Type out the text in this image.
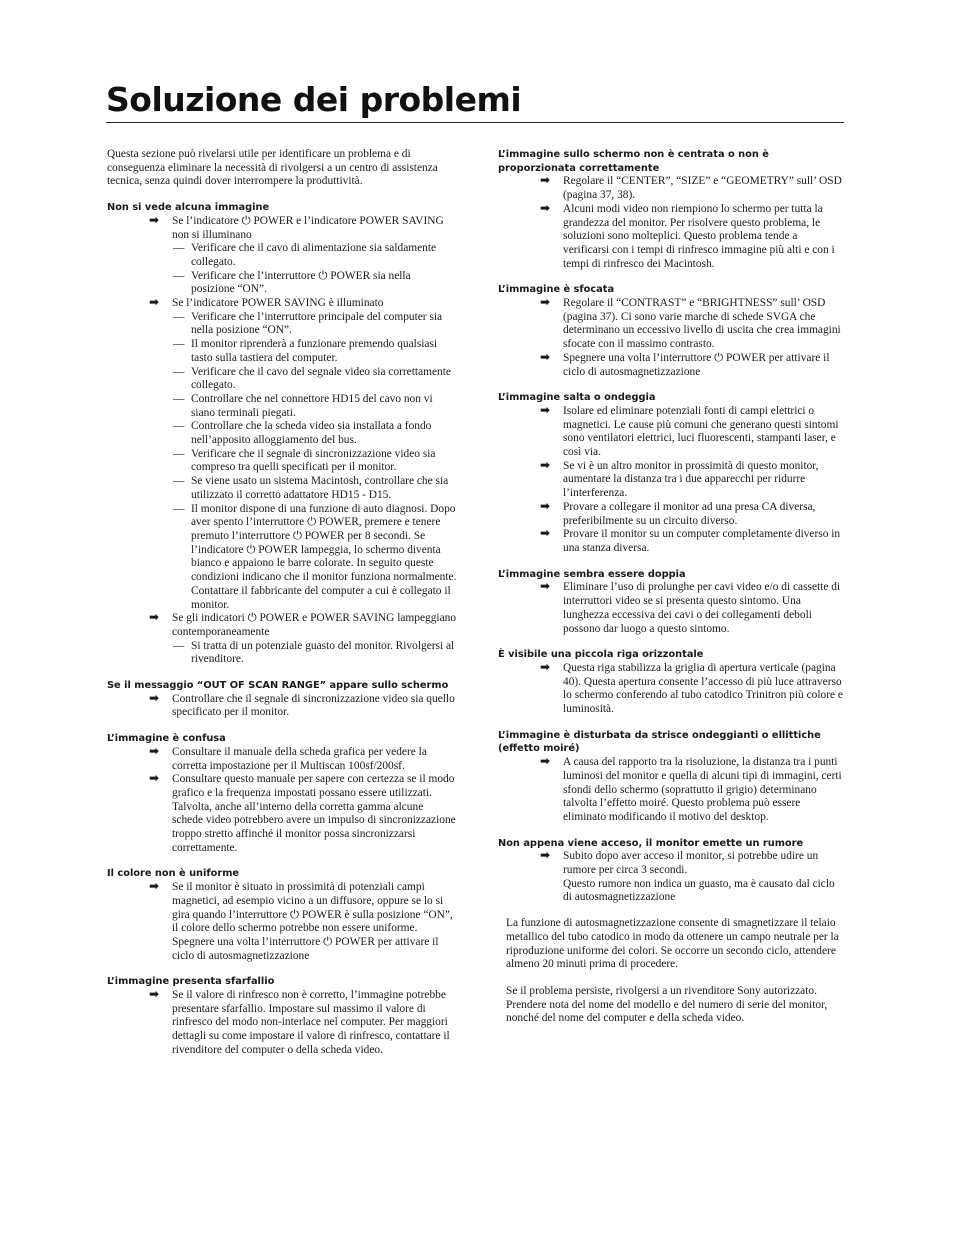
Soluzione dei problemi

Questa sezione può rivelarsi utile per identificare un problema e di conseguenza eliminare la necessità di rivolgersi a un centro di assistenza tecnica, senza quindi dover interrompere la produttività.

Non si vede alcuna immagine

➡ Se l’indicatore ⏻ POWER e l’indicatore POWER SAVING non si illuminano

— Verificare che il cavo di alimentazione sia saldamente collegato.
— Verificare che l’interruttore ⏻ POWER sia nella posizione “ON”.

➡ Se l’indicatore POWER SAVING è illuminato

— Verificare che l’interruttore principale del computer sia nella posizione “ON”.
— Il monitor riprenderà a funzionare premendo qualsiasi tasto sulla tastiera del computer.
— Verificare che il cavo del segnale video sia correttamente collegato.
— Controllare che nel connettore HD15 del cavo non vi siano terminali piegati.
— Controllare che la scheda video sia installata a fondo nell’apposito alloggiamento del bus.
— Verificare che il segnale di sincronizzazione video sia compreso tra quelli specificati per il monitor.
— Se viene usato un sistema Macintosh, controllare che sia utilizzato il corretto adattatore HD15 - D15.
— Il monitor dispone di una funzione di auto diagnosi. Dopo aver spento l’interruttore ⏻ POWER, premere e tenere premuto l’interruttore ⏻ POWER per 8 secondi. Se l’indicatore ⏻ POWER lampeggia, lo schermo diventa bianco e appaiono le barre colorate. In seguito queste condizioni indicano che il monitor funziona normalmente. Contattare il fabbricante del computer a cui è collegato il monitor.

➡ Se gli indicatori ⏻ POWER e POWER SAVING lampeggiano contemporaneamente

— Si tratta di un potenziale guasto del monitor. Rivolgersi al rivenditore.

Se il messaggio “OUT OF SCAN RANGE” appare sullo schermo

➡ Controllare che il segnale di sincronizzazione video sia quello specificato per il monitor.

L’immagine è confusa

➡ Consultare il manuale della scheda grafica per vedere la corretta impostazione per il Multiscan 100sf/200sf.

➡ Consultare questo manuale per sapere con certezza se il modo grafico e la frequenza impostati possano essere utilizzati. Talvolta, anche all’interno della corretta gamma alcune schede video potrebbero avere un impulso di sincronizzazione troppo stretto affinché il monitor possa sincronizzarsi correttamente.

Il colore non è uniforme

➡ Se il monitor è situato in prossimità di potenziali campi magnetici, ad esempio vicino a un diffusore, oppure se lo si gira quando l’interruttore ⏻ POWER è sulla posizione “ON”, il colore dello schermo potrebbe non essere uniforme.

Spegnere una volta l’interruttore ⏻ POWER per attivare il ciclo di autosmagnetizzazione

L’immagine presenta sfarfallio

➡ Se il valore di rinfresco non è corretto, l’immagine potrebbe presentare sfarfallio. Impostare sul massimo il valore di rinfresco del modo non-interlace nel computer. Per maggiori dettagli su come impostare il valore di rinfresco, contattare il rivenditore del computer o della scheda video.

L’immagine sullo schermo non è centrata o non è proporzionata correttamente

➡ Regolare il “CENTER”, “SIZE” e “GEOMETRY” sull’ OSD (pagina 37, 38).

➡ Alcuni modi video non riempiono lo schermo per tutta la grandezza del monitor. Per risolvere questo problema, le soluzioni sono molteplici. Questo problema tende a verificarsi con i tempi di rinfresco immagine più alti e con i tempi di rinfresco dei Macintosh.

L’immagine è sfocata

➡ Regolare il “CONTRAST” e “BRIGHTNESS” sull’ OSD (pagina 37). Ci sono varie marche di schede SVGA che determinano un eccessivo livello di uscita che crea immagini sfocate con il massimo contrasto.

➡ Spegnere una volta l’interruttore ⏻ POWER per attivare il ciclo di autosmagnetizzazione

L’immagine salta o ondeggia

➡ Isolare ed eliminare potenziali fonti di campi elettrici o magnetici. Le cause più comuni che generano questi sintomi sono ventilatori elettrici, luci fluorescenti, stampanti laser, e così via.

➡ Se vi è un altro monitor in prossimità di questo monitor, aumentare la distanza tra i due apparecchi per ridurre l’interferenza.

➡ Provare a collegare il monitor ad una presa CA diversa, preferibilmente su un circuito diverso.

➡ Provare il monitor su un computer completamente diverso in una stanza diversa.

L’immagine sembra essere doppia

➡ Eliminare l’uso di prolunghe per cavi video e/o di cassette di interruttori video se si presenta questo sintomo. Una lunghezza eccessiva dei cavi o dei collegamenti deboli possono dar luogo a questo sintomo.

È visibile una piccola riga orizzontale

➡ Questa riga stabilizza la griglia di apertura verticale (pagina 40). Questa apertura consente l’accesso di più luce attraverso lo schermo conferendo al tubo catodico Trinitron più colore e luminosità.

L’immagine è disturbata da strisce ondeggianti o ellittiche (effetto moiré)

➡ A causa del rapporto tra la risoluzione, la distanza tra i punti luminosi del monitor e quella di alcuni tipi di immagini, certi sfondi dello schermo (soprattutto il grigio) determinano talvolta l’effetto moiré. Questo problema può essere eliminato modificando il motivo del desktop.

Non appena viene acceso, il monitor emette un rumore

➡ Subito dopo aver acceso il monitor, si potrebbe udire un rumore per circa 3 secondi.

Questo rumore non indica un guasto, ma è causato dal ciclo di autosmagnetizzazione

La funzione di autosmagnetizzazione consente di smagnetizzare il telaio metallico del tubo catodico in modo da ottenere un campo neutrale per la riproduzione uniforme dei colori. Se occorre un secondo ciclo, attendere almeno 20 minuti prima di procedere.

Se il problema persiste, rivolgersi a un rivenditore Sony autorizzato.
Prendere nota del nome del modello e del numero di serie del monitor, nonché del nome del computer e della scheda video.
